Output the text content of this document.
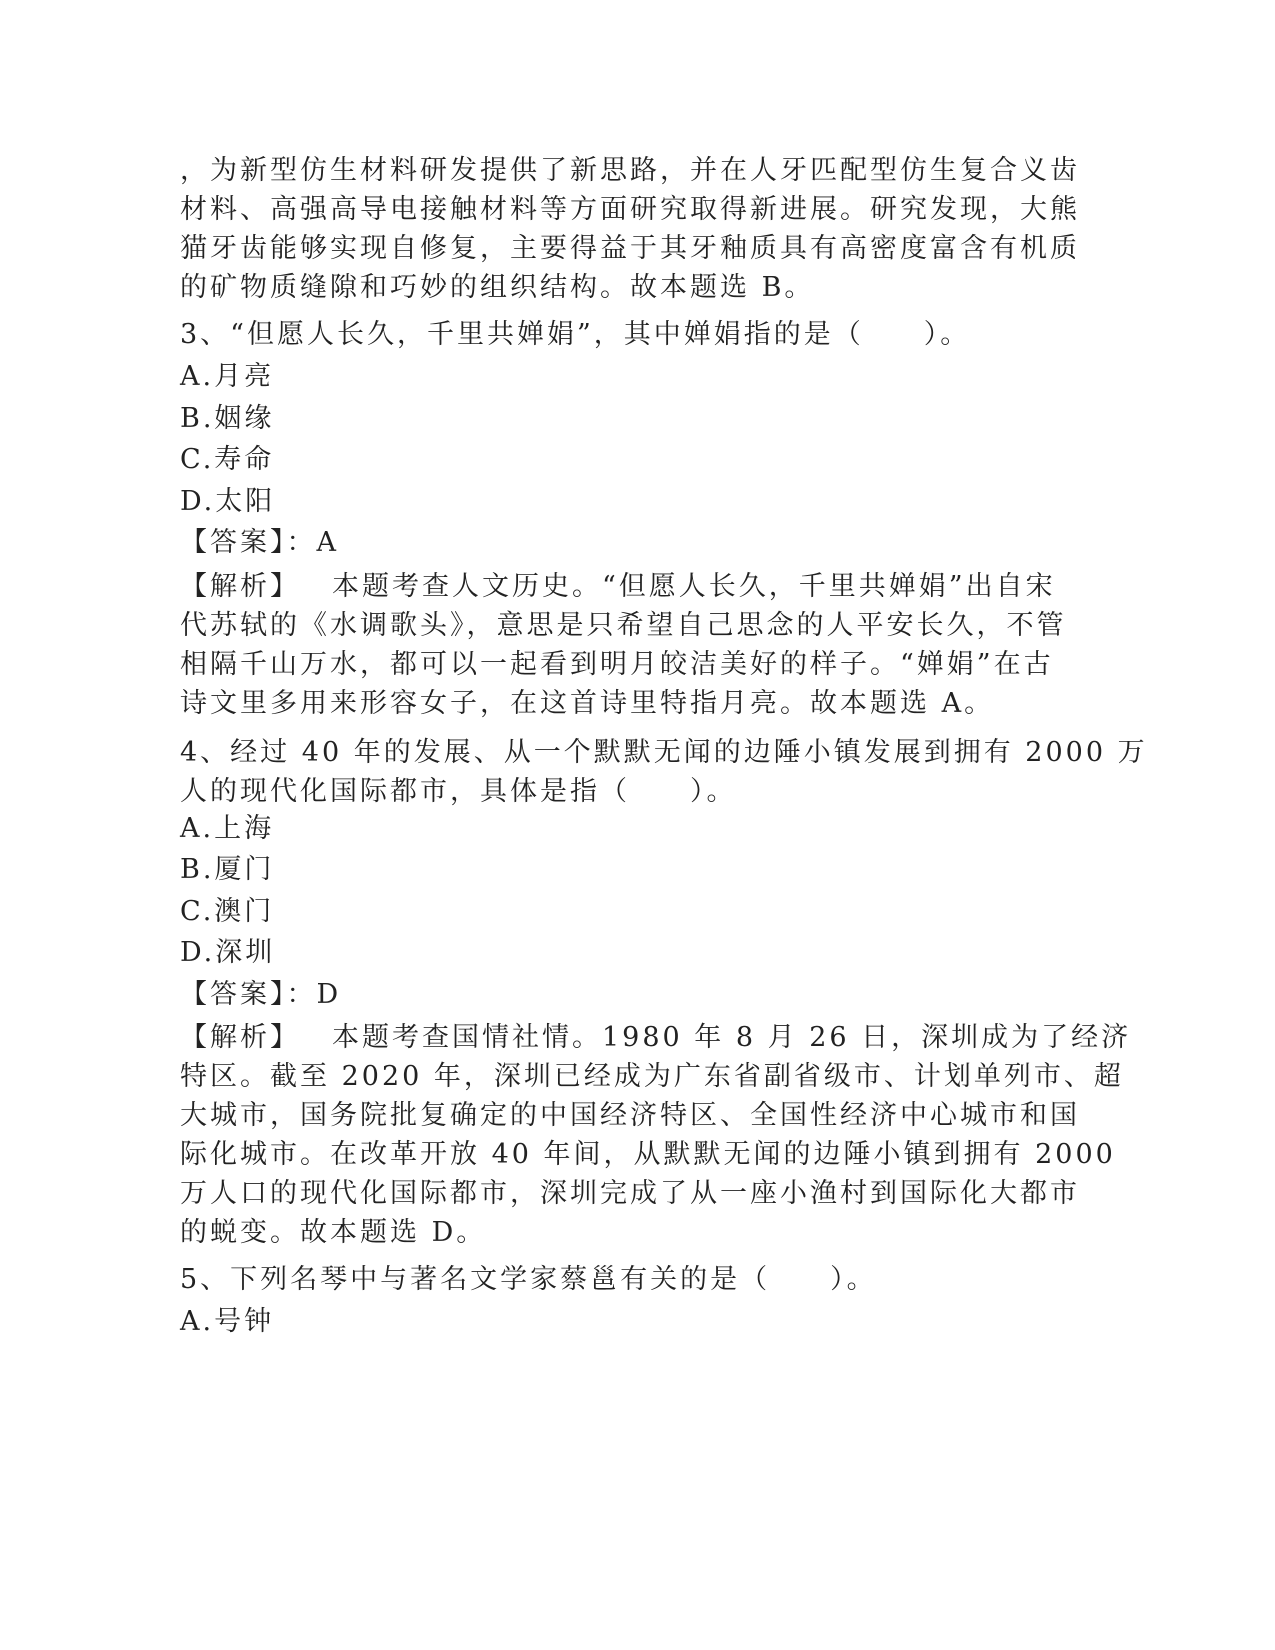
，为新型仿生材料研发提供了新思路，并在人牙匹配型仿生复合义齿
材料、高强高导电接触材料等方面研究取得新进展。研究发现，大熊
猫牙齿能够实现自修复，主要得益于其牙釉质具有高密度富含有机质
的矿物质缝隙和巧妙的组织结构。故本题选 B。
3、“但愿人长久，千里共婵娟”，其中婵娟指的是（　　）。
A.月亮
B.姻缘
C.寿命
D.太阳
【答案】：A
【解析】 本题考查人文历史。“但愿人长久，千里共婵娟”出自宋
代苏轼的《水调歌头》，意思是只希望自己思念的人平安长久，不管
相隔千山万水，都可以一起看到明月皎洁美好的样子。“婵娟”在古
诗文里多用来形容女子，在这首诗里特指月亮。故本题选 A。
4、经过 40 年的发展、从一个默默无闻的边陲小镇发展到拥有 2000 万
人的现代化国际都市，具体是指（　　）。
A.上海
B.厦门
C.澳门
D.深圳
【答案】：D
【解析】 本题考查国情社情。1980 年 8 月 26 日，深圳成为了经济
特区。截至 2020 年，深圳已经成为广东省副省级市、计划单列市、超
大城市，国务院批复确定的中国经济特区、全国性经济中心城市和国
际化城市。在改革开放 40 年间，从默默无闻的边陲小镇到拥有 2000
万人口的现代化国际都市，深圳完成了从一座小渔村到国际化大都市
的蜕变。故本题选 D。
5、下列名琴中与著名文学家蔡邕有关的是（　　）。
A.号钟
